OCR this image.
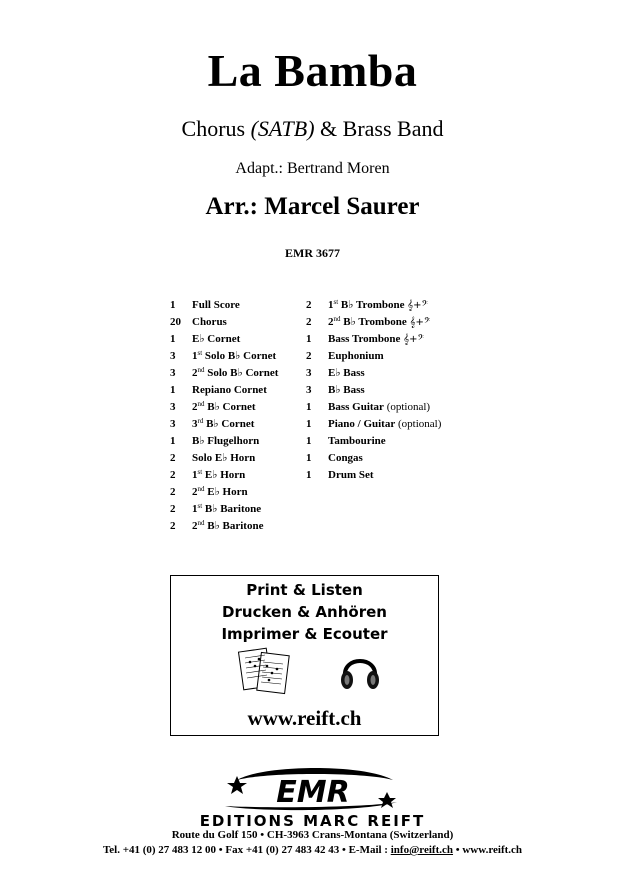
La Bamba
Chorus (SATB) & Brass Band
Adapt.: Bertrand Moren
Arr.: Marcel Saurer
EMR 3677
1 Full Score
20 Chorus
1 E♭ Cornet
3 1st Solo B♭ Cornet
3 2nd Solo B♭ Cornet
1 Repiano Cornet
3 2nd B♭ Cornet
3 3rd B♭ Cornet
1 B♭ Flugelhorn
2 Solo E♭ Horn
2 1st E♭ Horn
2 2nd E♭ Horn
2 1st B♭ Baritone
2 2nd B♭ Baritone
2 1st B♭ Trombone 𝄞+𝄢
2 2nd B♭ Trombone 𝄞+𝄢
1 Bass Trombone 𝄞+𝄢
2 Euphonium
3 E♭ Bass
3 B♭ Bass
1 Bass Guitar (optional)
1 Piano / Guitar (optional)
1 Tambourine
1 Congas
1 Drum Set
Print & Listen
Drucken & Anhören
Imprimer & Ecouter
www.reift.ch
EMR
EDITIONS MARC REIFT
Route du Golf 150 • CH-3963 Crans-Montana (Switzerland)
Tel. +41 (0) 27 483 12 00 • Fax +41 (0) 27 483 42 43 • E-Mail : info@reift.ch • www.reift.ch
